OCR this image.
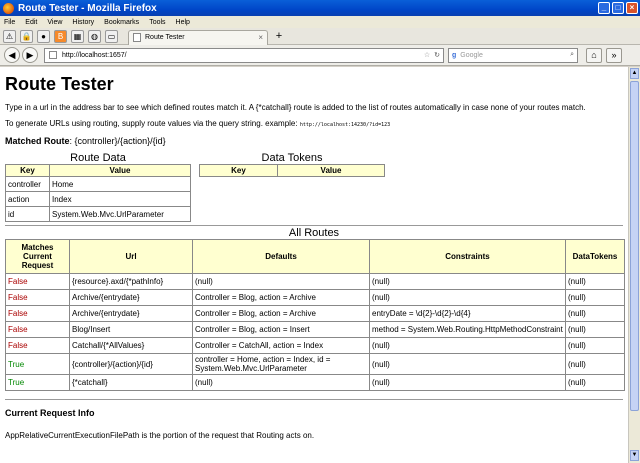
Route Tester - Mozilla Firefox	_	□	×
File Edit View History Bookmarks Tools Help
⚠	🔒	●	B	▦	◍	▭	Route Tester	×	+
◀	▶	http://localhost:1657/	☆ ↻ g Google	⌕	⌂	»
Route Tester

Type in a url in the address bar to see which defined routes match it. A {*catchall} route is added to the list of routes automatically in case none of your routes match.

To generate URLs using routing, supply route values via the query string. example: http://localhost:14230/?id=123

Matched Route: {controller}/{action}/{id}

Route Data
Key	Value
controller	Home
action	Index
id	System.Web.Mvc.UrlParameter
Data Tokens
Key	Value
All Routes
Matches Current Request	Url	Defaults	Constraints	DataTokens
False	{resource}.axd/{*pathInfo}	(null)	(null)	(null)
False	Archive/{entrydate}	Controller = Blog, action = Archive	(null)	(null)
False	Archive/{entrydate}	Controller = Blog, action = Archive	entryDate = \d{2}-\d{2}-\d{4}	(null)
False	Blog/Insert	Controller = Blog, action = Insert	method = System.Web.Routing.HttpMethodConstraint	(null)
False	Catchall/{*AllValues}	Controller = CatchAll, action = Index	(null)	(null)
True	{controller}/{action}/{id}	controller = Home, action = Index, id = System.Web.Mvc.UrlParameter	(null)	(null)
True	{*catchall}	(null)	(null)	(null)
Current Request Info
AppRelativeCurrentExecutionFilePath is the portion of the request that Routing acts on.
▲
▼
